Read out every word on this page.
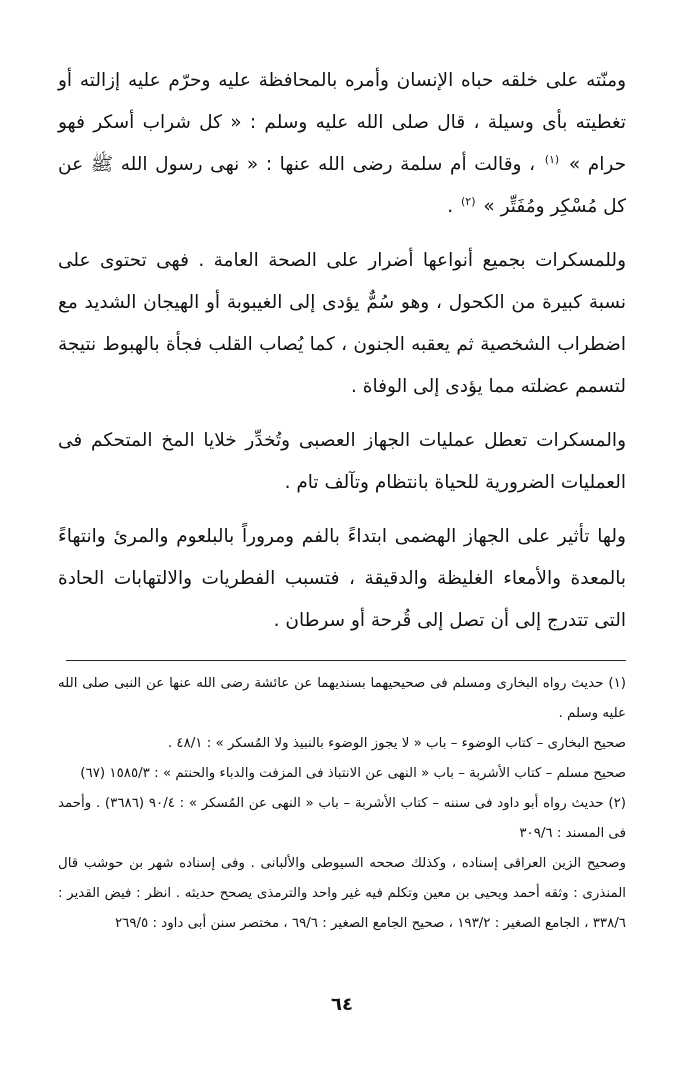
ومنّته على خلقه حباه الإنسان وأمره بالمحافظة عليه وحرّم عليه إزالته أو تغطيته بأى وسيلة ، قال صلى الله عليه وسلم : « كل شراب أسكر فهو حرام » $^{(١)}$ ، وقالت أم سلمة رضى الله عنها : « نهى رسول الله ﷺ عن كل مُسْكِر ومُفَتِّر » $^{(٢)}$ .

وللمسكرات بجميع أنواعها أضرار على الصحة العامة . فهى تحتوى على نسبة كبيرة من الكحول ، وهو سُمٌّ يؤدى إلى الغيبوبة أو الهيجان الشديد مع اضطراب الشخصية ثم يعقبه الجنون ، كما يُصاب القلب فجأة بالهبوط نتيجة لتسمم عضلته مما يؤدى إلى الوفاة .

والمسكرات تعطل عمليات الجهاز العصبى وتُخدِّر خلايا المخ المتحكم فى العمليات الضرورية للحياة بانتظام وتآلف تام .

ولها تأثير على الجهاز الهضمى ابتداءً بالفم ومروراً بالبلعوم والمرئ وانتهاءً بالمعدة والأمعاء الغليظة والدقيقة ، فتسبب الفطريات والالتهابات الحادة التى تتدرج إلى أن تصل إلى قُرحة أو سرطان .

(١) حديث رواه البخارى ومسلم فى صحيحيهما بسنديهما عن عائشة رضى الله عنها عن النبى صلى الله عليه وسلم .

صحيح البخارى – كتاب الوضوء – باب « لا يجوز الوضوء بالنبيذ ولا المُسكر » : ٤٨/١ .

صحيح مسلم – كتاب الأشربة – باب « النهى عن الانتباذ فى المزفت والدباء والحنتم » : ١٥٨٥/٣ (٦٧)

(٢) حديث رواه أبو داود فى سننه – كتاب الأشربة – باب « النهى عن المُسكر » : ٩٠/٤ (٣٦٨٦) . وأحمد فى المسند : ٣٠٩/٦

وصحيح الزين العراقى إسناده ، وكذلك صححه السيوطى والألبانى . وفى إسناده شهر بن حوشب قال المنذرى : وثقه أحمد ويحيى بن معين وتكلم فيه غير واحد والترمذى يصحح حديثه . انظر : فيض القدير : ٣٣٨/٦ ، الجامع الصغير : ١٩٣/٢ ، صحيح الجامع الصغير : ٦٩/٦ ، مختصر سنن أبى داود : ٢٦٩/٥

٦٤
